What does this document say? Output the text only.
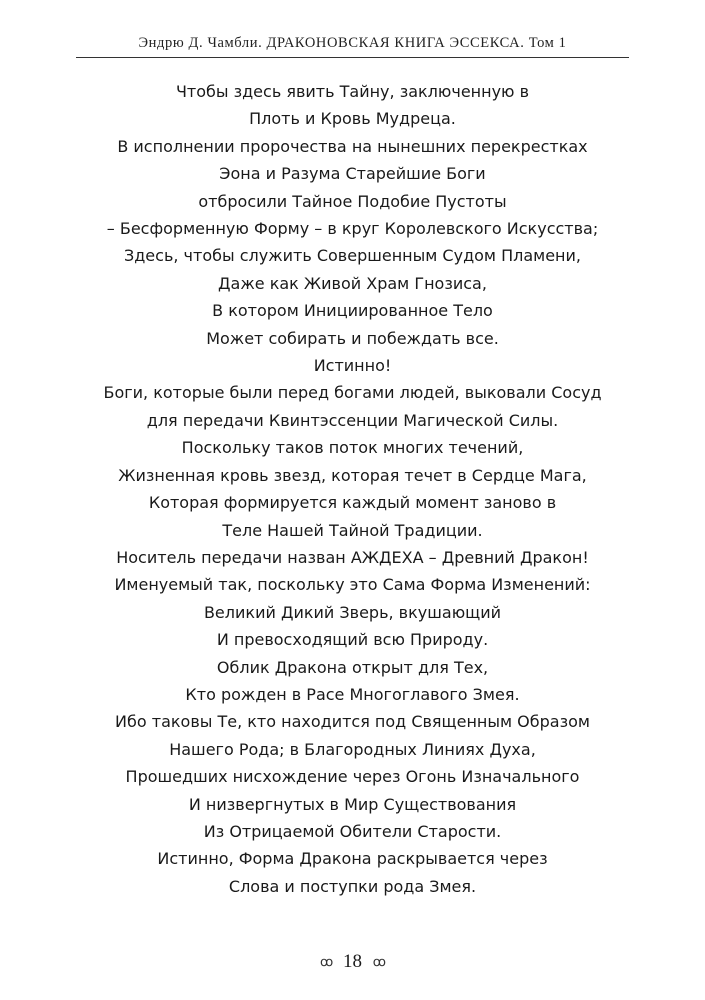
Эндрю Д. Чамбли. ДРАКОНОВСКАЯ КНИГА ЭССЕКСА. Том 1
Чтобы здесь явить Тайну, заключенную в
Плоть и Кровь Мудреца.
В исполнении пророчества на нынешних перекрестках
Эона и Разума Старейшие Боги
отбросили Тайное Подобие Пустоты
– Бесформенную Форму – в круг Королевского Искусства;
Здесь, чтобы служить Совершенным Судом Пламени,
Даже как Живой Храм Гнозиса,
В котором Инициированное Тело
Может собирать и побеждать все.
Истинно!
Боги, которые были перед богами людей, выковали Сосуд
для передачи Квинтэссенции Магической Силы.
Поскольку таков поток многих течений,
Жизненная кровь звезд, которая течет в Сердце Мага,
Которая формируется каждый момент заново в
Теле Нашей Тайной Традиции.
Носитель передачи назван АЖДЕХА – Древний Дракон!
Именуемый так, поскольку это Сама Форма Изменений:
Великий Дикий Зверь, вкушающий
И превосходящий всю Природу.
Облик Дракона открыт для Тех,
Кто рожден в Расе Многоглавого Змея.
Ибо таковы Те, кто находится под Священным Образом
Нашего Рода; в Благородных Линиях Духа,
Прошедших нисхождение через Огонь Изначального
И низвергнутых в Мир Существования
Из Отрицаемой Обители Старости.
Истинно, Форма Дракона раскрывается через
Слова и поступки рода Змея.
ꝏ 18 ꝏ
